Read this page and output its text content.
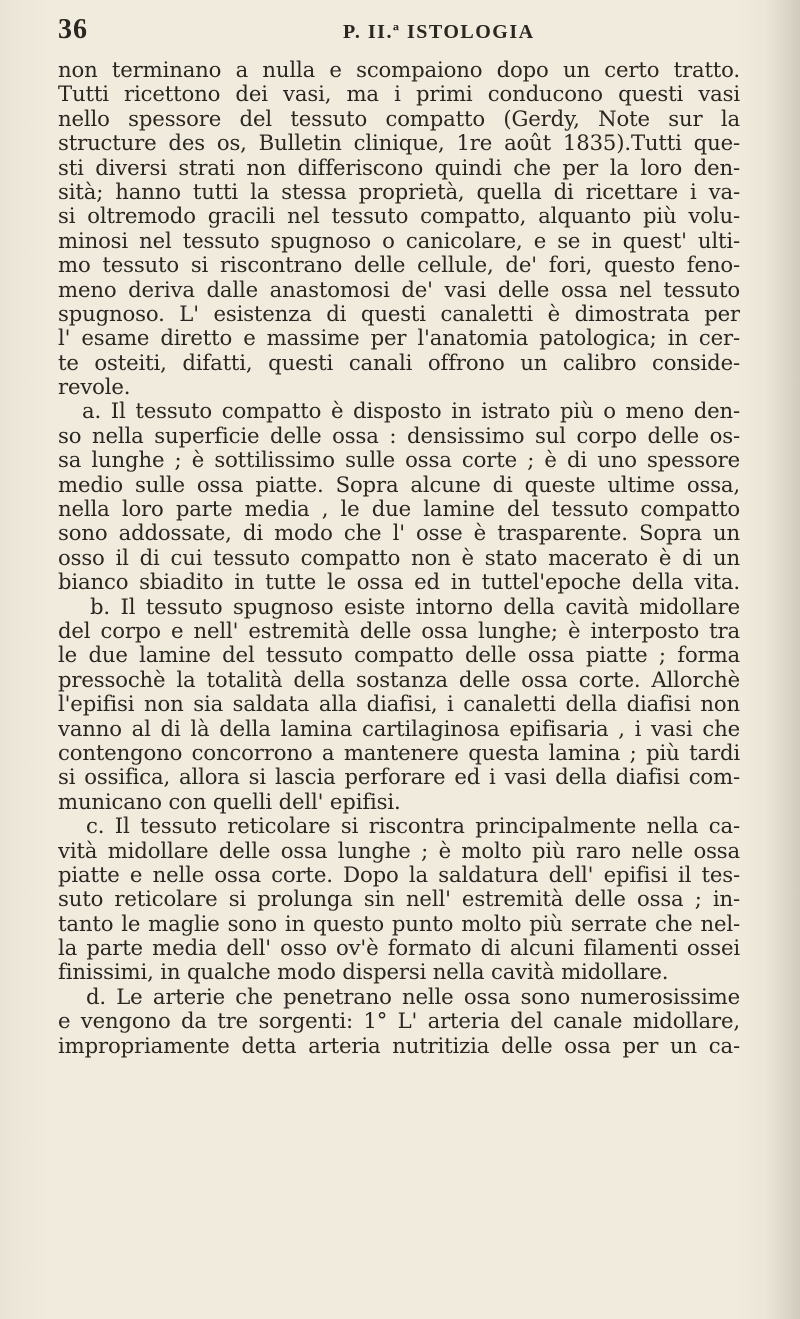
36	P. II.ª ISTOLOGIA
non terminano a nulla e scompaiono dopo un certo tratto.
Tutti ricettono dei vasi, ma i primi conducono questi vasi
nello spessore del tessuto compatto (Gerdy, Note sur la
structure des os, Bulletin clinique, 1re août 1835).Tutti que-
sti diversi strati non differiscono quindi che per la loro den-
sità; hanno tutti la stessa proprietà, quella di ricettare i va-
si oltremodo gracili nel tessuto compatto, alquanto più volu-
minosi nel tessuto spugnoso o canicolare, e se in quest' ulti-
mo tessuto si riscontrano delle cellule, de' fori, questo feno-
meno deriva dalle anastomosi de' vasi delle ossa nel tessuto
spugnoso. L' esistenza di questi canaletti è dimostrata per
l' esame diretto e massime per l'anatomia patologica; in cer-
te osteiti, difatti, questi canali offrono un calibro conside-
revole.
a. Il tessuto compatto è disposto in istrato più o meno den-
so nella superficie delle ossa : densissimo sul corpo delle os-
sa lunghe ; è sottilissimo sulle ossa corte ; è di uno spessore
medio sulle ossa piatte. Sopra alcune di queste ultime ossa,
nella loro parte media , le due lamine del tessuto compatto
sono addossate, di modo che l' osse è trasparente. Sopra un
osso il di cui tessuto compatto non è stato macerato è di un
bianco sbiadito in tutte le ossa ed in tuttel'epoche della vita.
b. Il tessuto spugnoso esiste intorno della cavità midollare
del corpo e nell' estremità delle ossa lunghe; è interposto tra
le due lamine del tessuto compatto delle ossa piatte ; forma
pressochè la totalità della sostanza delle ossa corte. Allorchè
l'epifisi non sia saldata alla diafisi, i canaletti della diafisi non
vanno al di là della lamina cartilaginosa epifisaria , i vasi che
contengono concorrono a mantenere questa lamina ; più tardi
si ossifica, allora si lascia perforare ed i vasi della diafisi com-
municano con quelli dell' epifisi.
c. Il tessuto reticolare si riscontra principalmente nella ca-
vità midollare delle ossa lunghe ; è molto più raro nelle ossa
piatte e nelle ossa corte. Dopo la saldatura dell' epifisi il tes-
suto reticolare si prolunga sin nell' estremità delle ossa ; in-
tanto le maglie sono in questo punto molto più serrate che nel-
la parte media dell' osso ov'è formato di alcuni filamenti ossei
finissimi, in qualche modo dispersi nella cavità midollare.
d. Le arterie che penetrano nelle ossa sono numerosissime
e vengono da tre sorgenti: 1° L' arteria del canale midollare,
impropriamente detta arteria nutritizia delle ossa per un ca-
